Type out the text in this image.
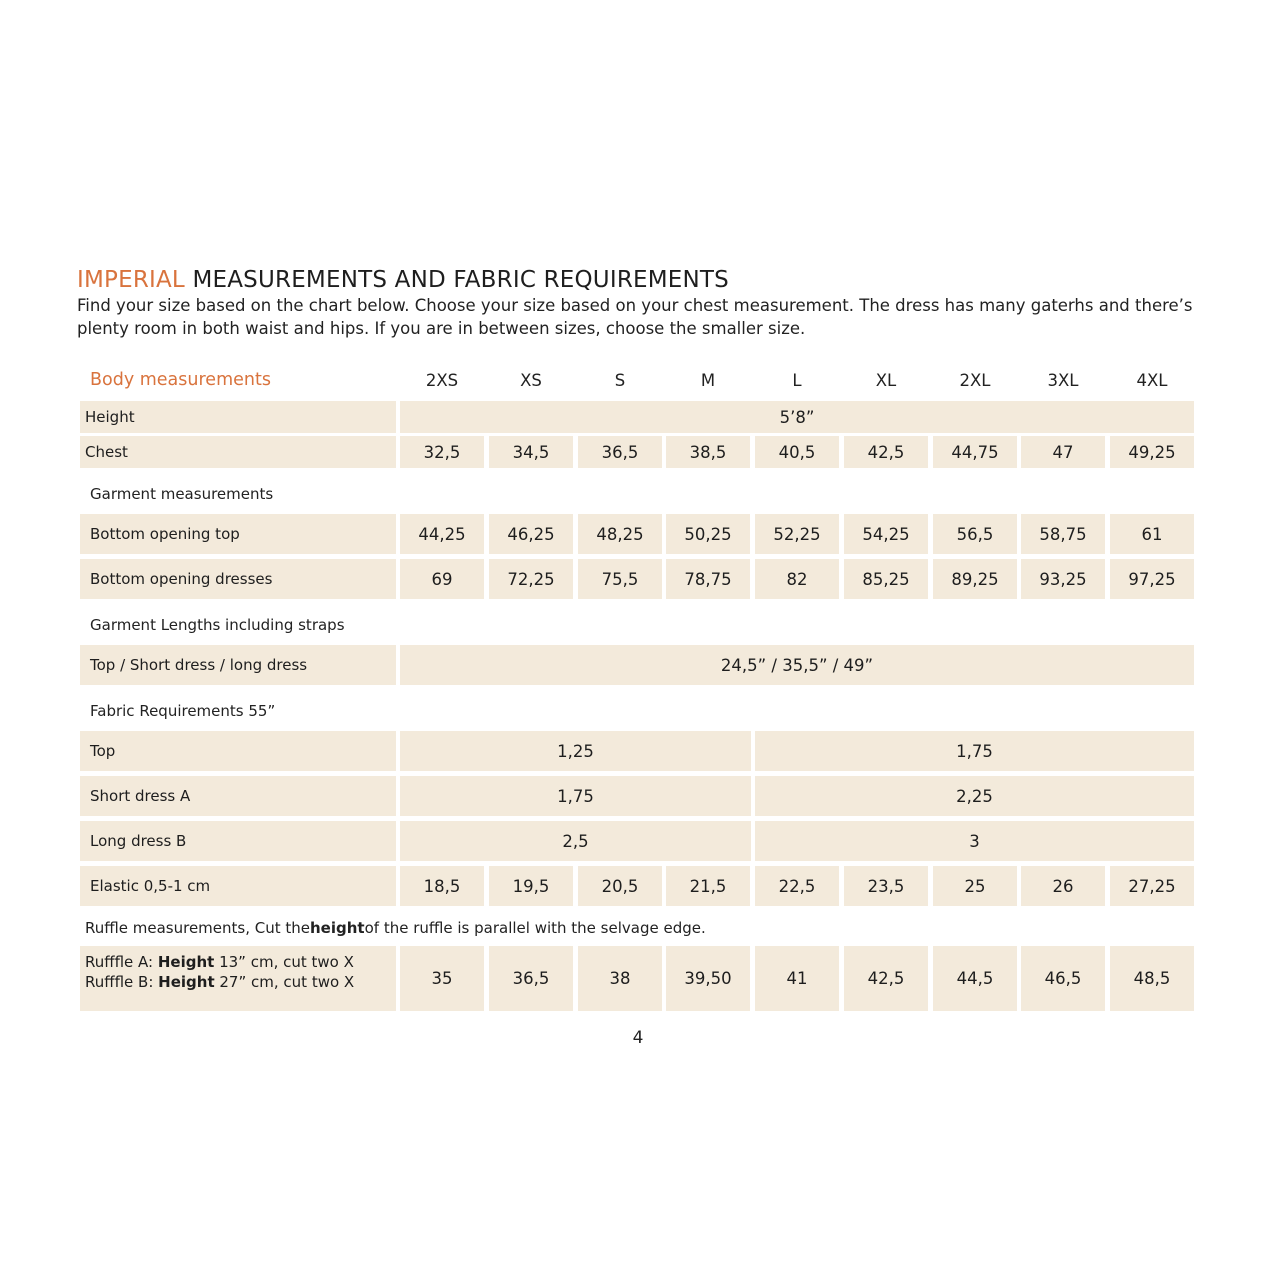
IMPERIAL MEASUREMENTS AND FABRIC REQUIREMENTS
Find your size based on the chart below. Choose your size based on your chest measurement. The dress has many gaterhs and there’s plenty room in both waist and hips. If you are in between sizes, choose the smaller size.
Body measurements	2XS	XS	S	M	L	XL	2XL	3XL	4XL
Height	5’8”
Chest	32,5	34,5	36,5	38,5	40,5	42,5	44,75	47	49,25
Garment measurements
Bottom opening top	44,25	46,25	48,25	50,25	52,25	54,25	56,5	58,75	61
Bottom opening dresses	69	72,25	75,5	78,75	82	85,25	89,25	93,25	97,25
Garment Lengths including straps
Top / Short dress / long dress	24,5” / 35,5” / 49”
Fabric Requirements 55”
Top	1,25	1,75
Short dress A	1,75	2,25
Long dress B	2,5	3
Elastic 0,5-1 cm	18,5	19,5	20,5	21,5	22,5	23,5	25	26	27,25
Ruffle measurements, Cut the height of the ruffle is parallel with the selvage edge.
Rufffle A: Height 13” cm, cut two X
Rufffle B: Height 27” cm, cut two X	35	36,5	38	39,50	41	42,5	44,5	46,5	48,5
4
